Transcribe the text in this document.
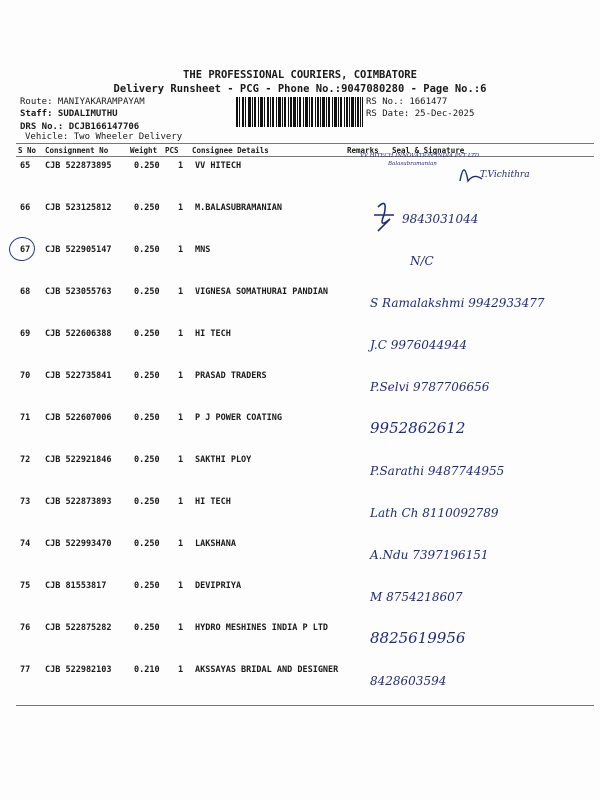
THE PROFESSIONAL COURIERS, COIMBATORE
Delivery Runsheet - PCG - Phone No.:9047080280 - Page No.:6
Route: MANIYAKARAMPAYAM
Staff: SUDALIMUTHU
DRS No.: DCJB166147706
Vehicle: Two Wheeler Delivery
RS No.: 1661477
RS Date: 25-Dec-2025
S No Consignment No	Weight PCS Consignee Details	Remarks Seal & Signature
65 CJB 522873895	0.250 1 VV HITECH
VV HITECH INNOVATION INDIA PVT LTD
Balasubramanian
T.Vichithra
66 CJB 523125812	0.250 1 M.BALASUBRAMANIAN
9843031044
67 CJB 522905147	0.250 1 MNS
N/C
68 CJB 523055763	0.250 1 VIGNESA SOMATHURAI PANDIAN
S Ramalakshmi 9942933477
69 CJB 522606388	0.250 1 HI TECH
J.C 9976044944
70 CJB 522735841	0.250 1 PRASAD TRADERS
P.Selvi 9787706656
71 CJB 522607006	0.250 1 P J POWER COATING
9952862612
72 CJB 522921846	0.250 1 SAKTHI PLOY
P.Sarathi 9487744955
73 CJB 522873893	0.250 1 HI TECH
Lath Ch 8110092789
74 CJB 522993470	0.250 1 LAKSHANA
A.Ndu 7397196151
75 CJB 81553817	0.250 1 DEVIPRIYA
M 8754218607
76 CJB 522875282	0.250 1 HYDRO MESHINES INDIA P LTD
8825619956
77 CJB 522982103	0.210 1 AKSSAYAS BRIDAL AND DESIGNER
8428603594
